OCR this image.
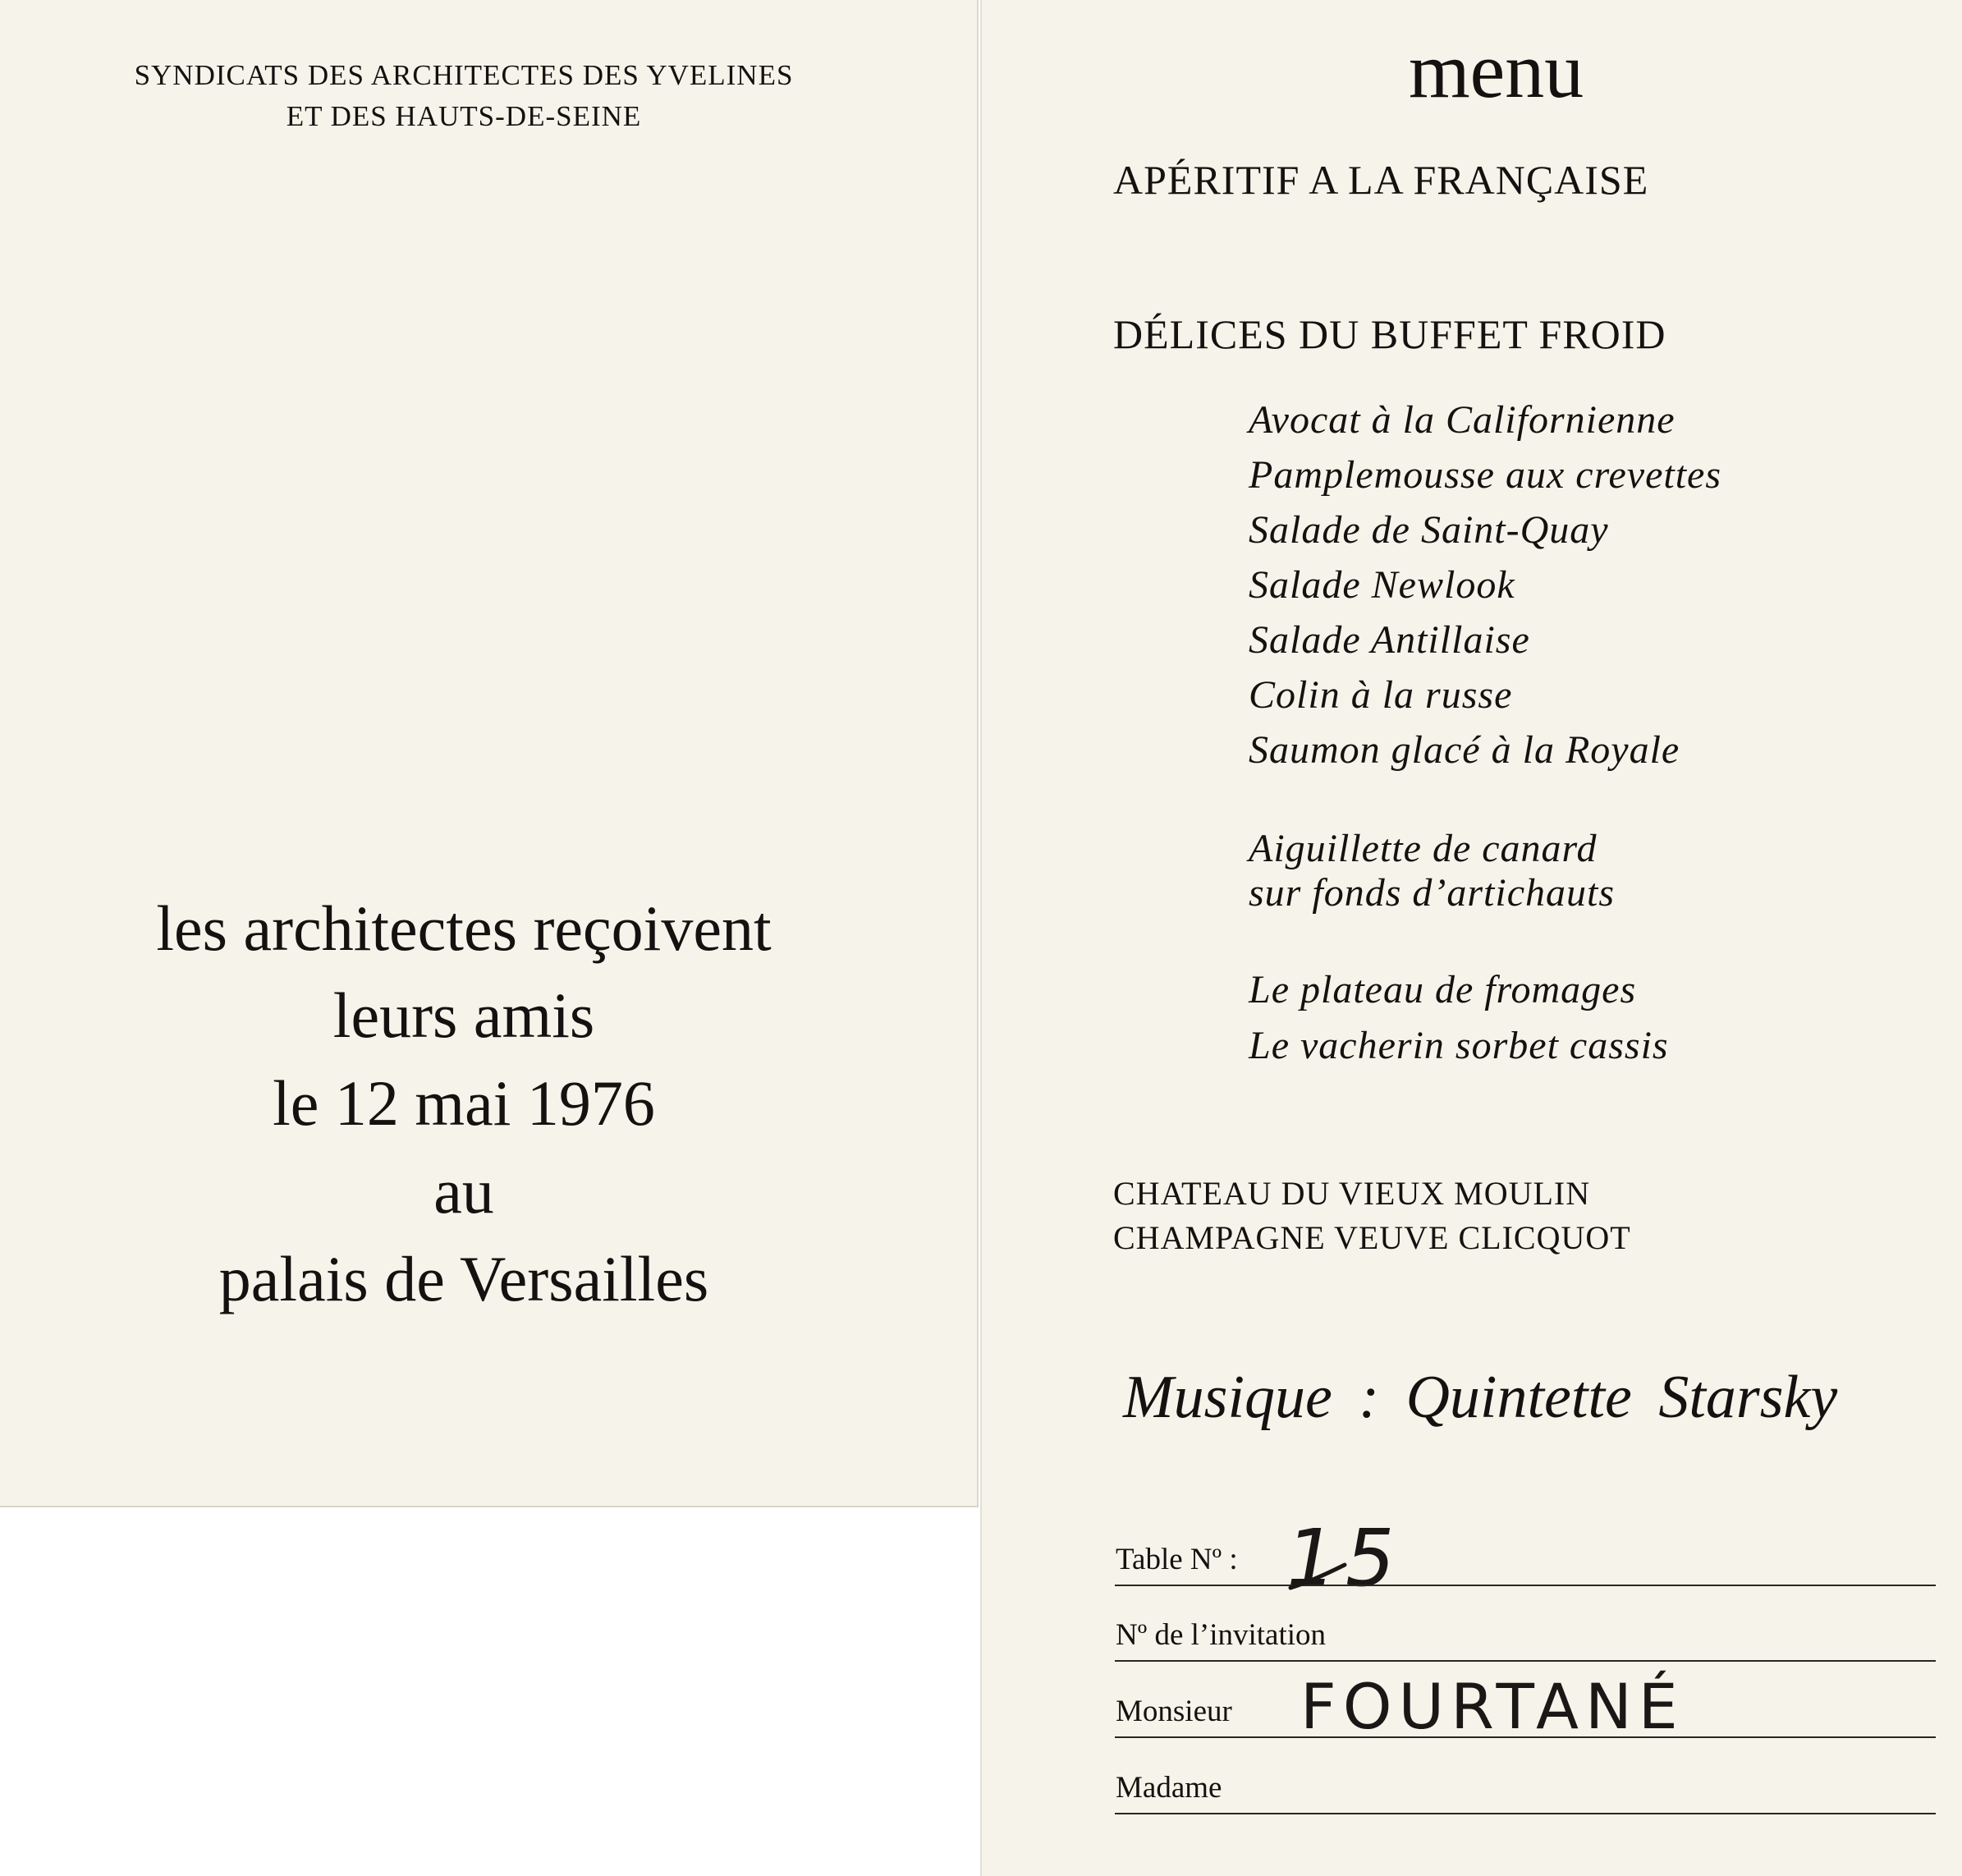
SYNDICATS DES ARCHITECTES DES YVELINES
ET DES HAUTS-DE-SEINE
les architectes reçoivent
leurs amis
le 12 mai 1976
au
palais de Versailles
menu
APÉRITIF A LA FRANÇAISE
DÉLICES DU BUFFET FROID
Avocat à la Californienne
Pamplemousse aux crevettes
Salade de Saint-Quay
Salade Newlook
Salade Antillaise
Colin à la russe
Saumon glacé à la Royale
Aiguillette de canard
sur fonds d’artichauts
Le plateau de fromages
Le vacherin sorbet cassis
CHATEAU DU VIEUX MOULIN
CHAMPAGNE VEUVE CLICQUOT
Musique : Quintette Starsky
Table Nº : 15
Nº de l’invitation
Monsieur FOURTANÉ
Madame
